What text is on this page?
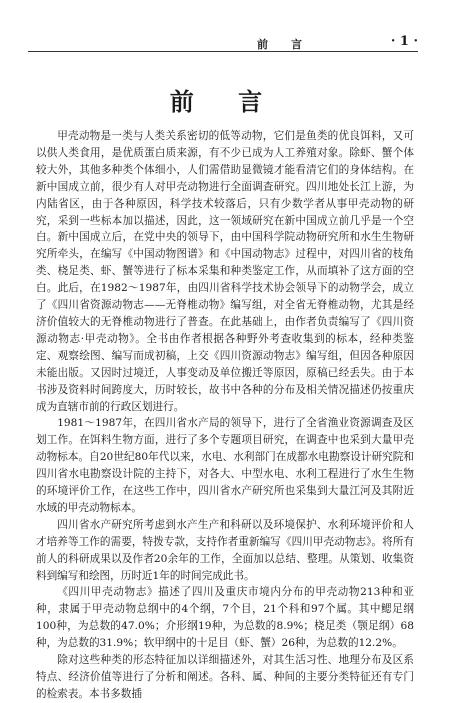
前　言	· 1 ·
前 言

甲壳动物是一类与人类关系密切的低等动物，它们是鱼类的优良饵料，又可以供人类食用，是优质蛋白质来源，有不少已成为人工养殖对象。除虾、蟹个体较大外，其他多种类个体细小，人们需借助显微镜才能看清它们的身体结构。在新中国成立前，很少有人对甲壳动物进行全面调查研究。四川地处长江上游，为内陆省区，由于各种原因，科学技术较落后，只有少数学者从事甲壳动物的研究，采到一些标本加以描述，因此，这一领域研究在新中国成立前几乎是一个空白。新中国成立后，在党中央的领导下，由中国科学院动物研究所和水生生物研究所牵头，在编写《中国动物图谱》和《中国动物志》过程中，对四川省的枝角类、桡足类、虾、蟹等进行了标本采集和种类鉴定工作，从而填补了这方面的空白。此后，在1982～1987年，由四川省科学技术协会领导下的动物学会，成立了《四川省资源动物志——无脊椎动物》编写组，对全省无脊椎动物，尤其是经济价值较大的无脊椎动物进行了普查。在此基础上，由作者负责编写了《四川资源动物志·甲壳动物》。全书由作者根据各种野外考查收集到的标本，经种类鉴定、观察绘图、编写而成初稿，上交《四川资源动物志》编写组，但因各种原因未能出版。又因时过境迁，人事变动及单位搬迁等原因，原稿已经丢失。由于本书涉及资料时间跨度大，历时较长，故书中各种的分布及相关情况描述仍按重庆成为直辖市前的行政区划进行。

1981～1987年，在四川省水产局的领导下，进行了全省渔业资源调查及区划工作。在饵料生物方面，进行了多个专题项目研究，在调查中也采到大量甲壳动物标本。自20世纪80年代以来，水电、水利部门在成都水电勘察设计研究院和四川省水电勘察设计院的主持下，对各大、中型水电、水利工程进行了水生生物的环境评价工作，在这些工作中，四川省水产研究所也采集到大量江河及其附近水域的甲壳动物标本。

四川省水产研究所考虑到水产生产和科研以及环境保护、水利环境评价和人才培养等工作的需要，特拨专款，支持作者重新编写《四川甲壳动物志》。将所有前人的科研成果以及作者20余年的工作，全面加以总结、整理。从策划、收集资料到编写和绘图，历时近1年的时间完成此书。

《四川甲壳动物志》描述了四川及重庆市境内分布的甲壳动物213种和亚种，隶属于甲壳动物总纲中的4个纲，7个目，21个科和97个属。其中鳃足纲100种，为总数的47.0%；介形纲19种，为总数的8.9%；桡足类（颚足纲）68种，为总数的31.9%；软甲纲中的十足目（虾、蟹）26种，为总数的12.2%。

除对这些种类的形态特征加以详细描述外，对其生活习性、地理分布及区系特点、经济价值等进行了分析和阐述。各科、属、种间的主要分类特征还有专门的检索表。本书多数插
